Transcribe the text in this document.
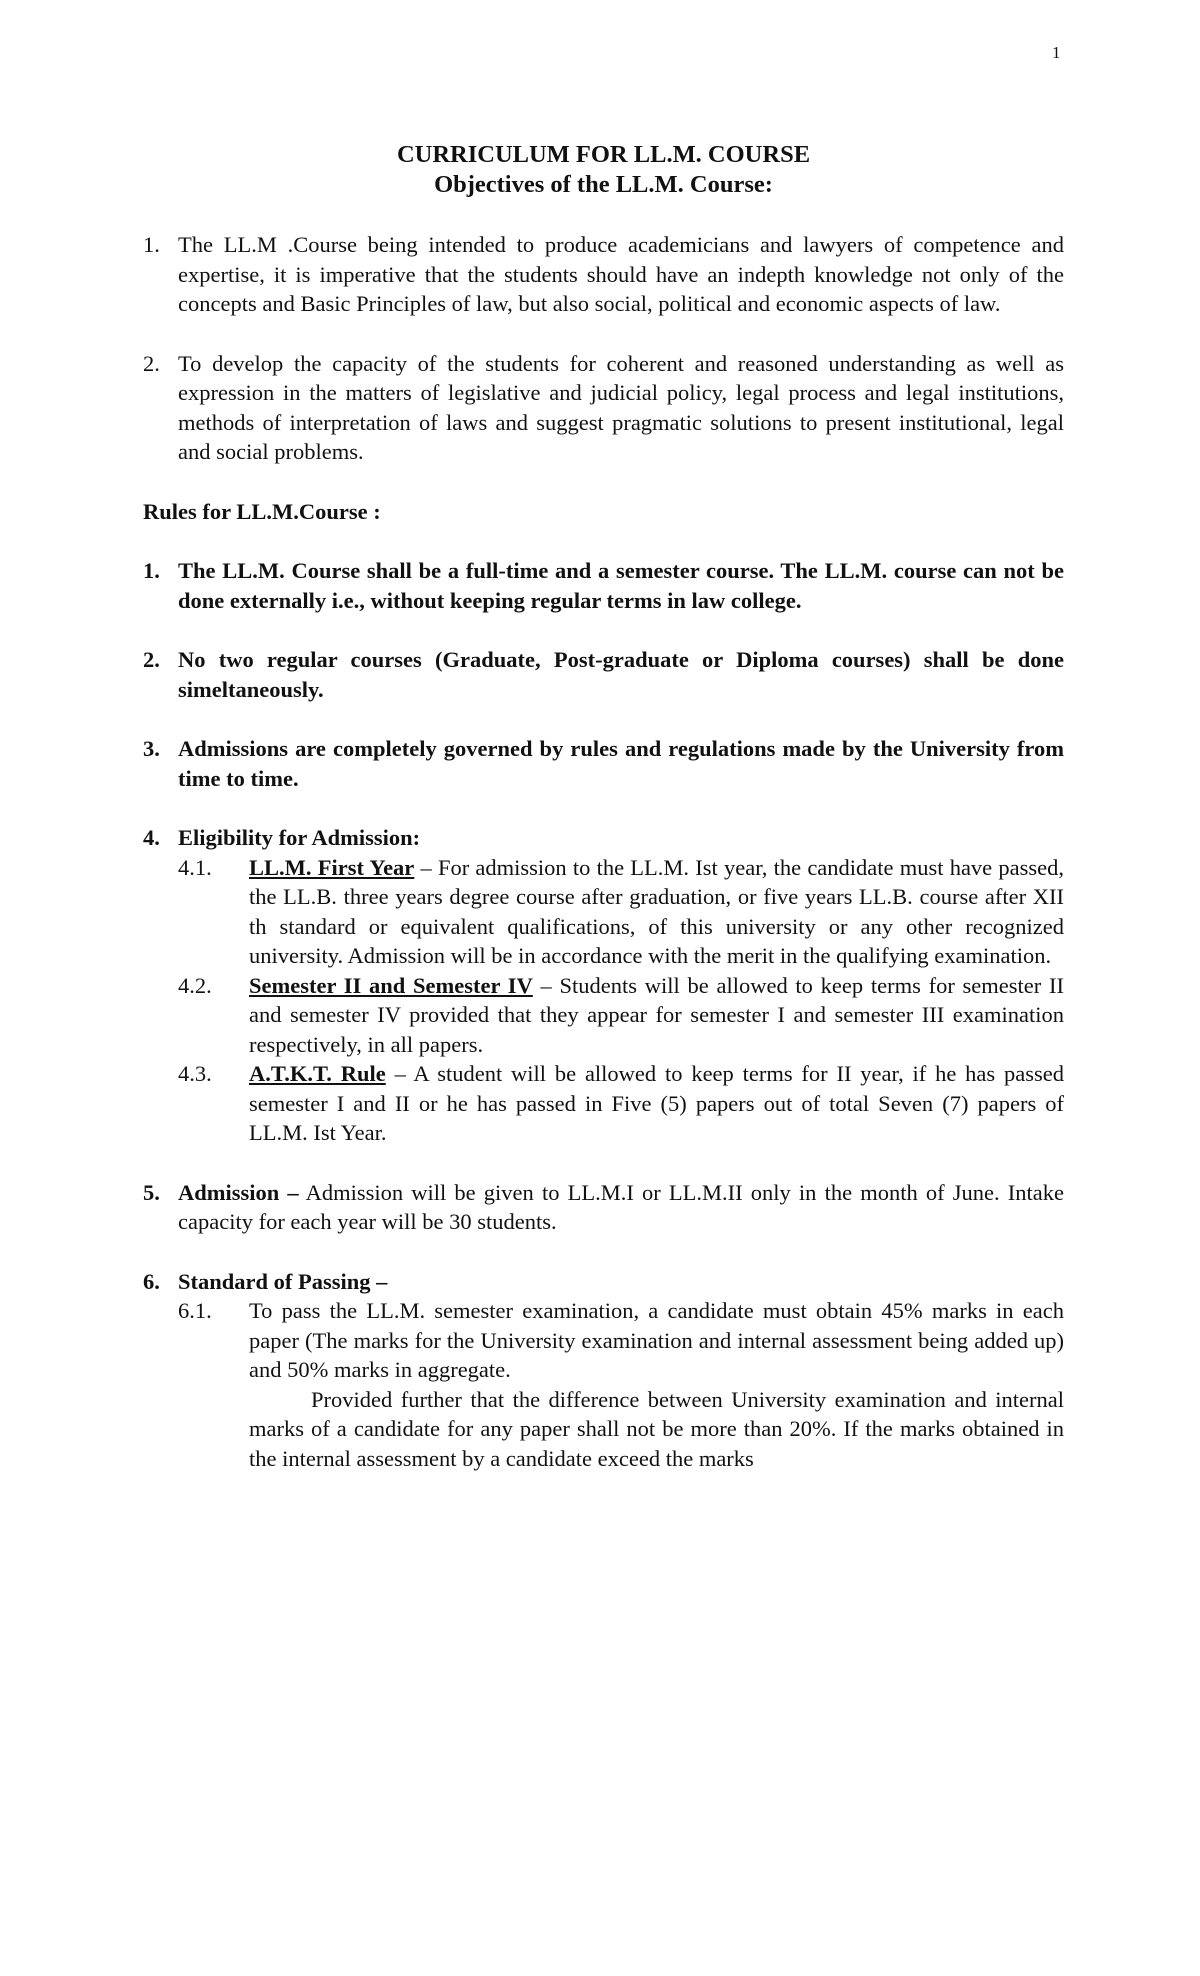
1
CURRICULUM FOR LL.M. COURSE
Objectives of the LL.M. Course:
1. The LL.M .Course being intended to produce academicians and lawyers of competence and expertise, it is imperative that the students should have an indepth knowledge not only of the concepts and Basic Principles of law, but also social, political and economic aspects of law.
2. To develop the capacity of the students for coherent and reasoned understanding as well as expression in the matters of legislative and judicial policy, legal process and legal institutions, methods of interpretation of laws and suggest pragmatic solutions to present institutional, legal and social problems.
Rules for LL.M.Course :
1. The LL.M. Course shall be a full-time and a semester course. The LL.M. course can not be done externally i.e., without keeping regular terms in law college.
2. No two regular courses (Graduate, Post-graduate or Diploma courses) shall be done simeltaneously.
3. Admissions are completely governed by rules and regulations made by the University from time to time.
4. Eligibility for Admission:
4.1.	LL.M. First Year – For admission to the LL.M. Ist year, the candidate must have passed, the LL.B. three years degree course after graduation, or five years LL.B. course after XII th standard or equivalent qualifications, of this university or any other recognized university. Admission will be in accordance with the merit in the qualifying examination.
4.2.	Semester II and Semester IV – Students will be allowed to keep terms for semester II and semester IV provided that they appear for semester I and semester III examination respectively, in all papers.
4.3.	A.T.K.T. Rule – A student will be allowed to keep terms for II year, if he has passed semester I and II or he has passed in Five (5) papers out of total Seven (7) papers of LL.M. Ist Year.
5. Admission – Admission will be given to LL.M.I or LL.M.II only in the month of June. Intake capacity for each year will be 30 students.
6. Standard of Passing –
6.1.	To pass the LL.M. semester examination, a candidate must obtain 45% marks in each paper (The marks for the University examination and internal assessment being added up) and 50% marks in aggregate.
Provided further that the difference between University examination and internal marks of a candidate for any paper shall not be more than 20%. If the marks obtained in the internal assessment by a candidate exceed the marks
